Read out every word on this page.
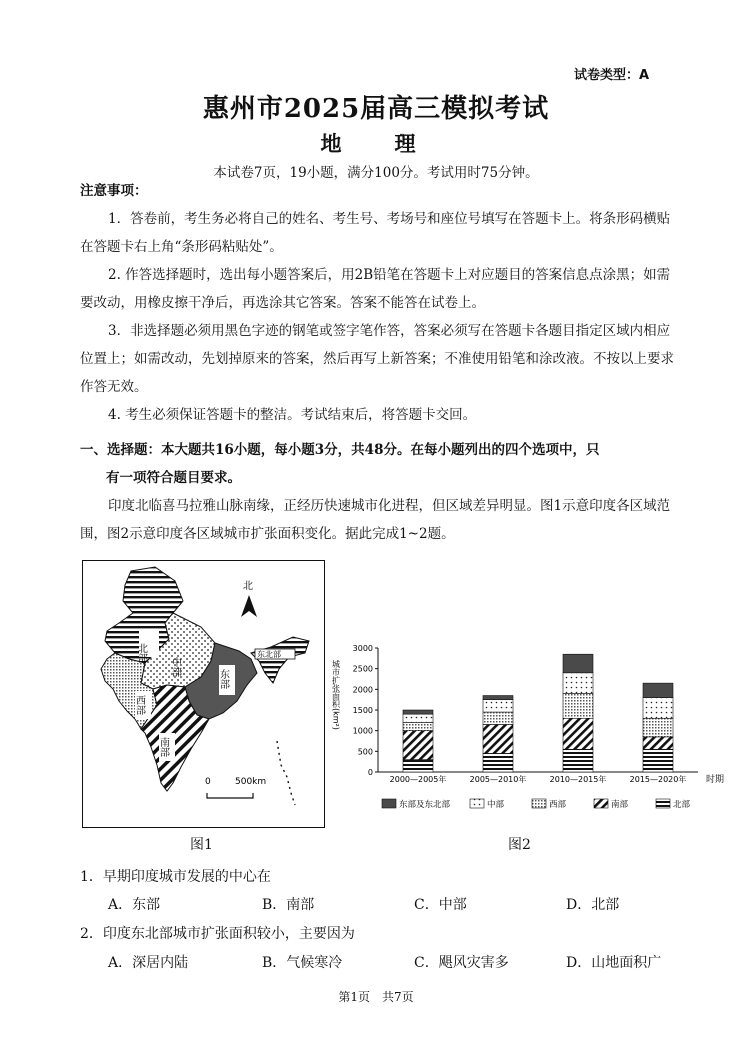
试卷类型：A
惠州市2025届高三模拟考试
地　理
本试卷7页，19小题，满分100分。考试用时75分钟。
注意事项：

1．答卷前，考生务必将自己的姓名、考生号、考场号和座位号填写在答题卡上。将条形码横贴在答题卡右上角“条形码粘贴处”。

2. 作答选择题时，选出每小题答案后，用2B铅笔在答题卡上对应题目的答案信息点涂黑；如需要改动，用橡皮擦干净后，再选涂其它答案。答案不能答在试卷上。

3．非选择题必须用黑色字迹的钢笔或签字笔作答，答案必须写在答题卡各题目指定区域内相应位置上；如需改动，先划掉原来的答案，然后再写上新答案；不准使用铅笔和涂改液。不按以上要求作答无效。

4. 考生必须保证答题卡的整洁。考试结束后，将答题卡交回。

一、选择题：本大题共16小题，每小题3分，共48分。在每小题列出的四个选项中，只
有一项符合题目要求。

印度北临喜马拉雅山脉南缘，正经历快速城市化进程，但区域差异明显。图1示意印度各区域范围，图2示意印度各区域城市扩张面积变化。据此完成1~2题。

北部
中部
东部
西部
南部
东北部
北
0	500km
图1
0
500
1000
1500
2000
2500
3000
2000—2005年	2005—2010年	2010—2015年	2015—2020年 时期
城市扩张面积(km²)
东部及东北部	中部	西部	南部	北部
图2
1．早期印度城市发展的中心在
A．东部	B．南部	C．中部	D．北部
2．印度东北部城市扩张面积较小，主要因为
A．深居内陆	B．气候寒冷	C．飓风灾害多	D．山地面积广
第1页　共7页
